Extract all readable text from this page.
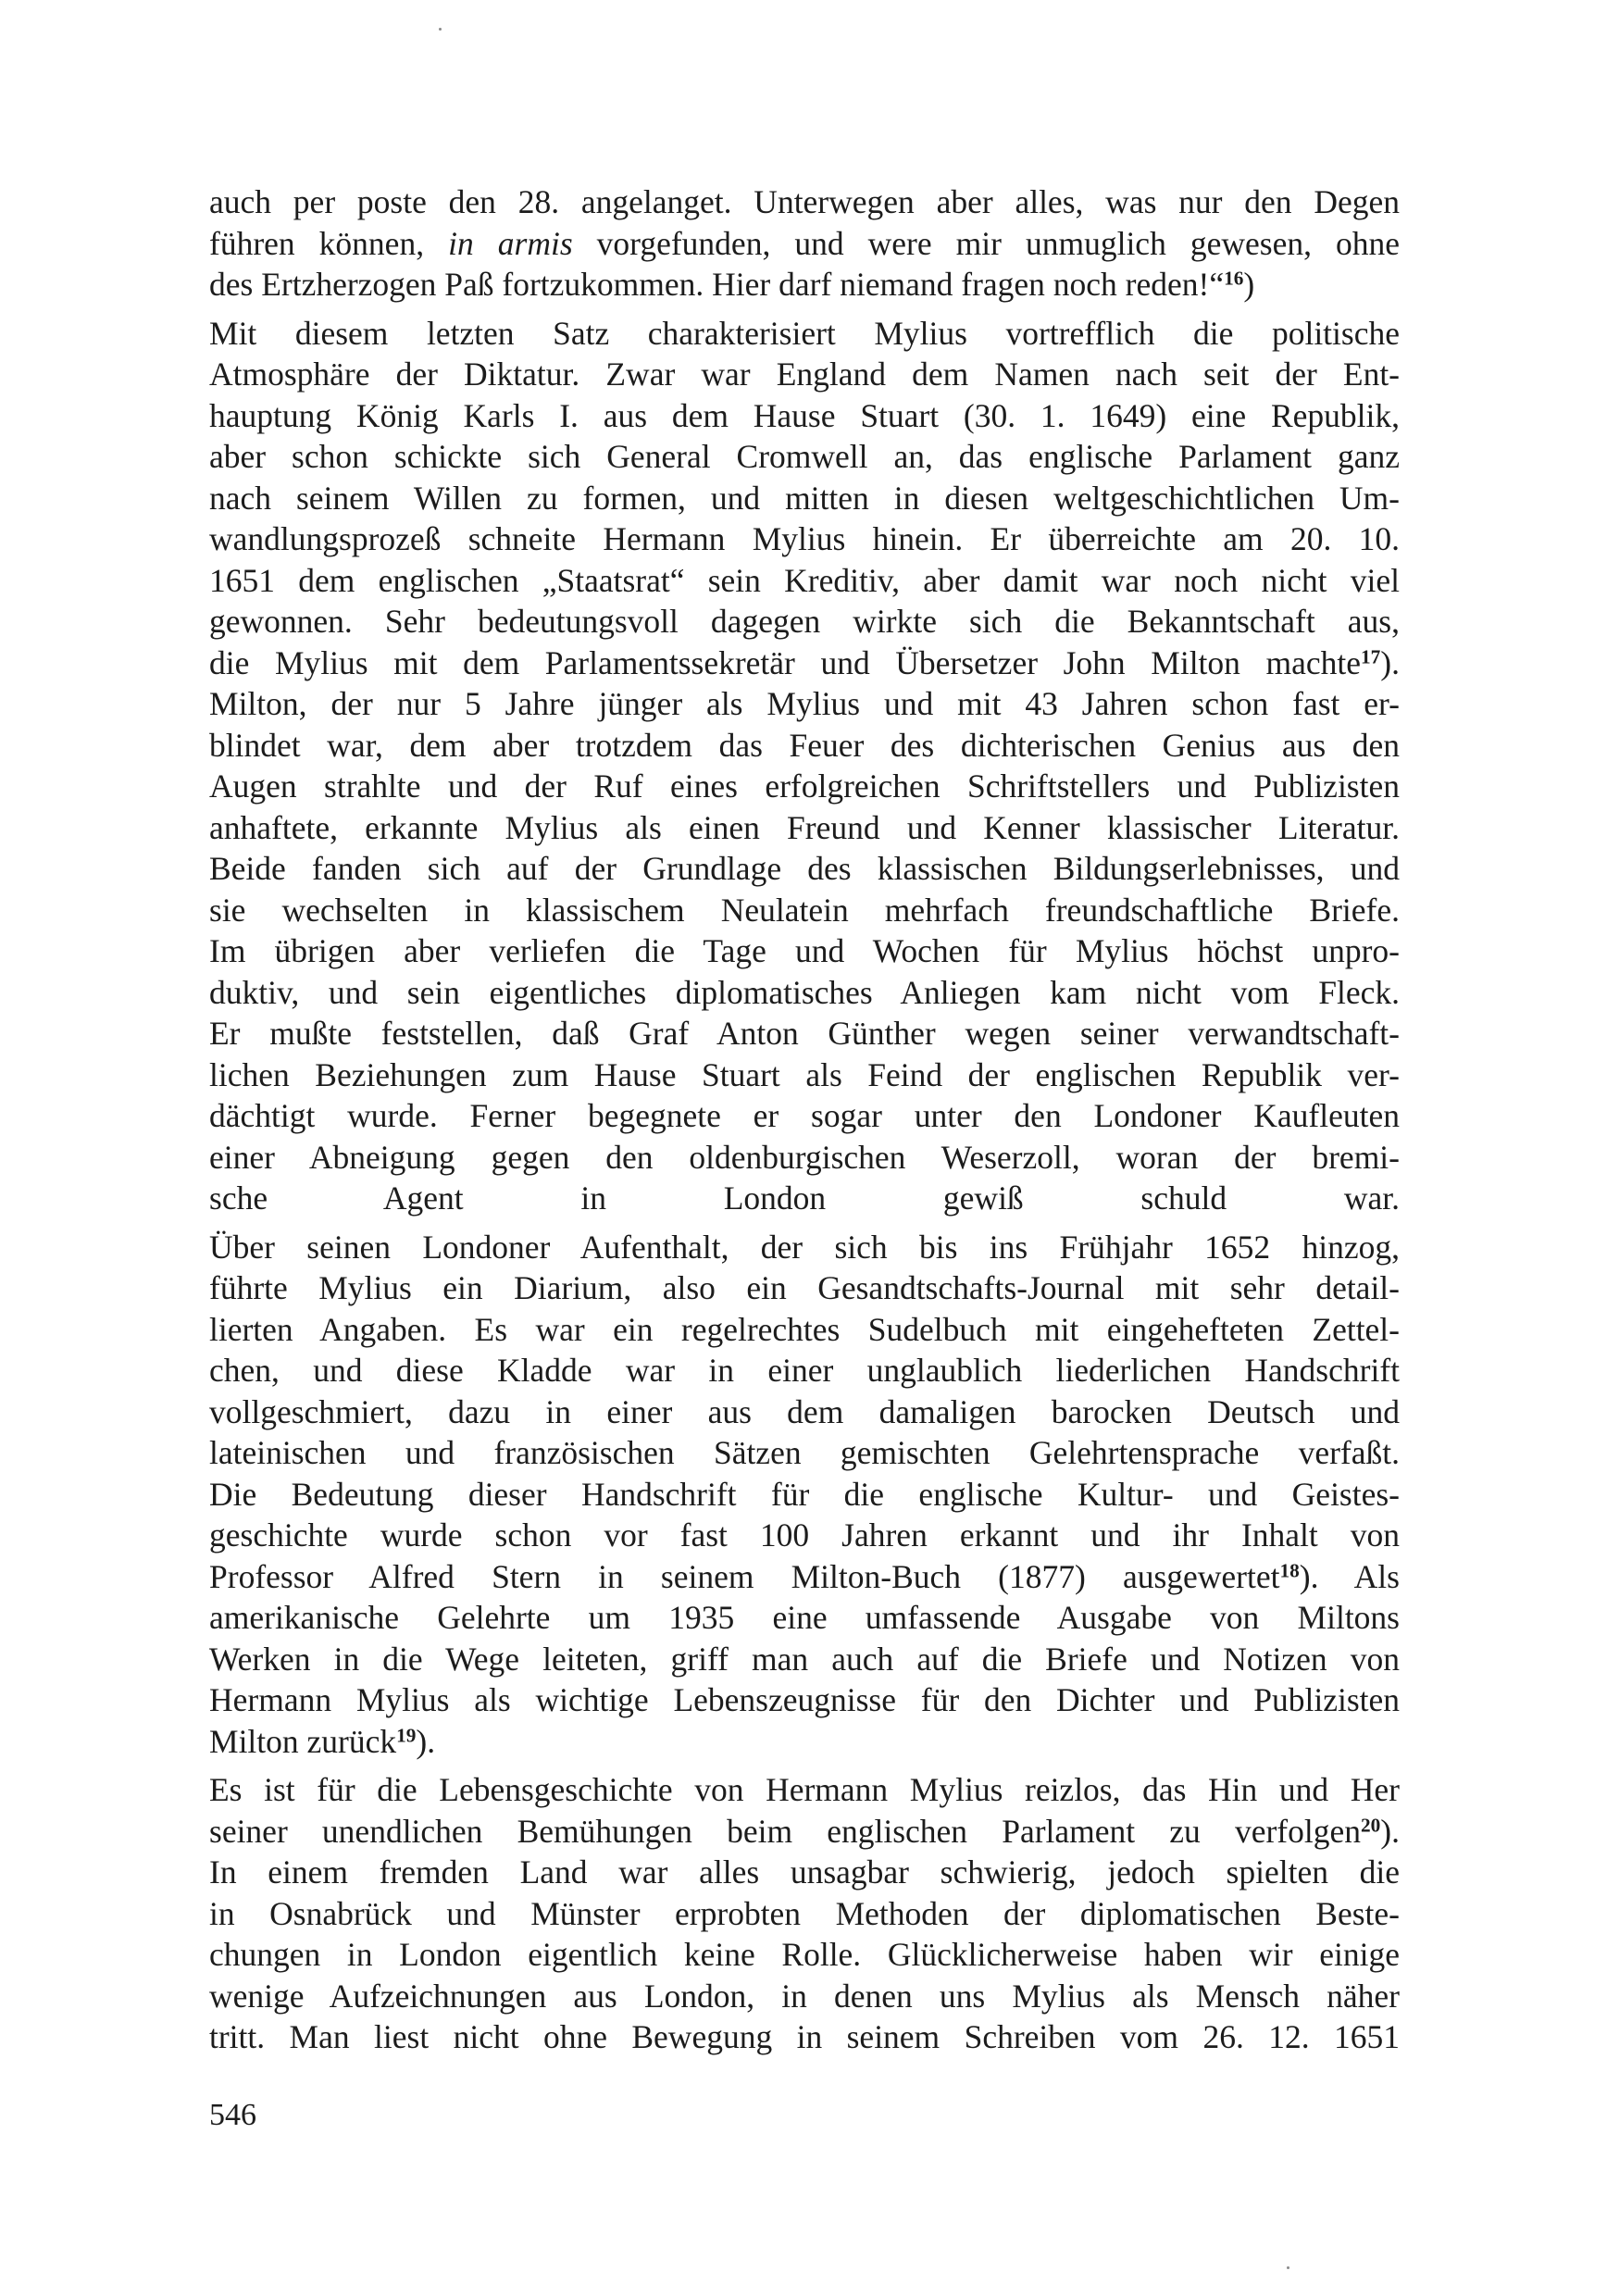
auch per poste den 28. angelanget. Unterwegen aber alles, was nur den Degen
führen können, in armis vorgefunden, und were mir unmuglich gewesen, ohne
des Ertzherzogen Paß fortzukommen. Hier darf niemand fragen noch reden!“$^{16}$)
Mit diesem letzten Satz charakterisiert Mylius vortrefflich die politische
Atmosphäre der Diktatur. Zwar war England dem Namen nach seit der Ent-
hauptung König Karls I. aus dem Hause Stuart (30. 1. 1649) eine Republik,
aber schon schickte sich General Cromwell an, das englische Parlament ganz
nach seinem Willen zu formen, und mitten in diesen weltgeschichtlichen Um-
wandlungsprozeß schneite Hermann Mylius hinein. Er überreichte am 20. 10.
1651 dem englischen „Staatsrat“ sein Kreditiv, aber damit war noch nicht viel
gewonnen. Sehr bedeutungsvoll dagegen wirkte sich die Bekanntschaft aus,
die Mylius mit dem Parlamentssekretär und Übersetzer John Milton machte$^{17}$).
Milton, der nur 5 Jahre jünger als Mylius und mit 43 Jahren schon fast er-
blindet war, dem aber trotzdem das Feuer des dichterischen Genius aus den
Augen strahlte und der Ruf eines erfolgreichen Schriftstellers und Publizisten
anhaftete, erkannte Mylius als einen Freund und Kenner klassischer Literatur.
Beide fanden sich auf der Grundlage des klassischen Bildungserlebnisses, und
sie wechselten in klassischem Neulatein mehrfach freundschaftliche Briefe.
Im übrigen aber verliefen die Tage und Wochen für Mylius höchst unpro-
duktiv, und sein eigentliches diplomatisches Anliegen kam nicht vom Fleck.
Er mußte feststellen, daß Graf Anton Günther wegen seiner verwandtschaft-
lichen Beziehungen zum Hause Stuart als Feind der englischen Republik ver-
dächtigt wurde. Ferner begegnete er sogar unter den Londoner Kaufleuten
einer Abneigung gegen den oldenburgischen Weserzoll, woran der bremi-
sche Agent in London gewiß schuld war.
Über seinen Londoner Aufenthalt, der sich bis ins Frühjahr 1652 hinzog,
führte Mylius ein Diarium, also ein Gesandtschafts-Journal mit sehr detail-
lierten Angaben. Es war ein regelrechtes Sudelbuch mit eingehefteten Zettel-
chen, und diese Kladde war in einer unglaublich liederlichen Handschrift
vollgeschmiert, dazu in einer aus dem damaligen barocken Deutsch und
lateinischen und französischen Sätzen gemischten Gelehrtensprache verfaßt.
Die Bedeutung dieser Handschrift für die englische Kultur- und Geistes-
geschichte wurde schon vor fast 100 Jahren erkannt und ihr Inhalt von
Professor Alfred Stern in seinem Milton-Buch (1877) ausgewertet$^{18}$). Als
amerikanische Gelehrte um 1935 eine umfassende Ausgabe von Miltons
Werken in die Wege leiteten, griff man auch auf die Briefe und Notizen von
Hermann Mylius als wichtige Lebenszeugnisse für den Dichter und Publizisten
Milton zurück$^{19}$).
Es ist für die Lebensgeschichte von Hermann Mylius reizlos, das Hin und Her
seiner unendlichen Bemühungen beim englischen Parlament zu verfolgen$^{20}$).
In einem fremden Land war alles unsagbar schwierig, jedoch spielten die
in Osnabrück und Münster erprobten Methoden der diplomatischen Beste-
chungen in London eigentlich keine Rolle. Glücklicherweise haben wir einige
wenige Aufzeichnungen aus London, in denen uns Mylius als Mensch näher
tritt. Man liest nicht ohne Bewegung in seinem Schreiben vom 26. 12. 1651
546
